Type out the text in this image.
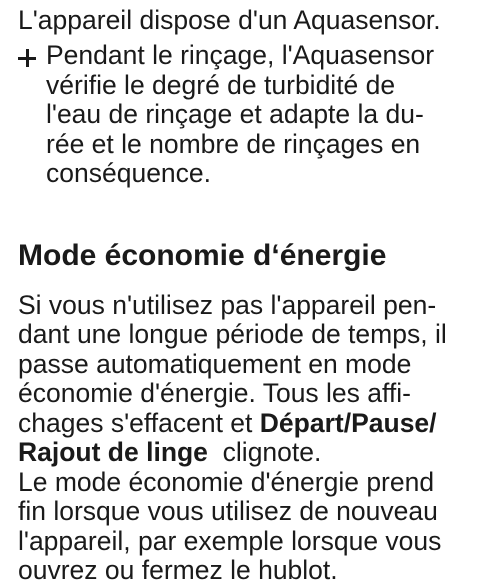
L'appareil dispose d'un Aquasensor.

Pendant le rinçage, l'Aquasensor
vérifie le degré de turbidité de
l'eau de rinçage et adapte la du-
rée et le nombre de rinçages en
conséquence.
Mode économie d‘énergie
Si vous n'utilisez pas l'appareil pen-
dant une longue période de temps, il
passe automatiquement en mode
économie d'énergie. Tous les affi-
chages s'effacent et Départ/Pause/
Rajout de linge  clignote.
Le mode économie d'énergie prend
fin lorsque vous utilisez de nouveau
l'appareil, par exemple lorsque vous
ouvrez ou fermez le hublot.
